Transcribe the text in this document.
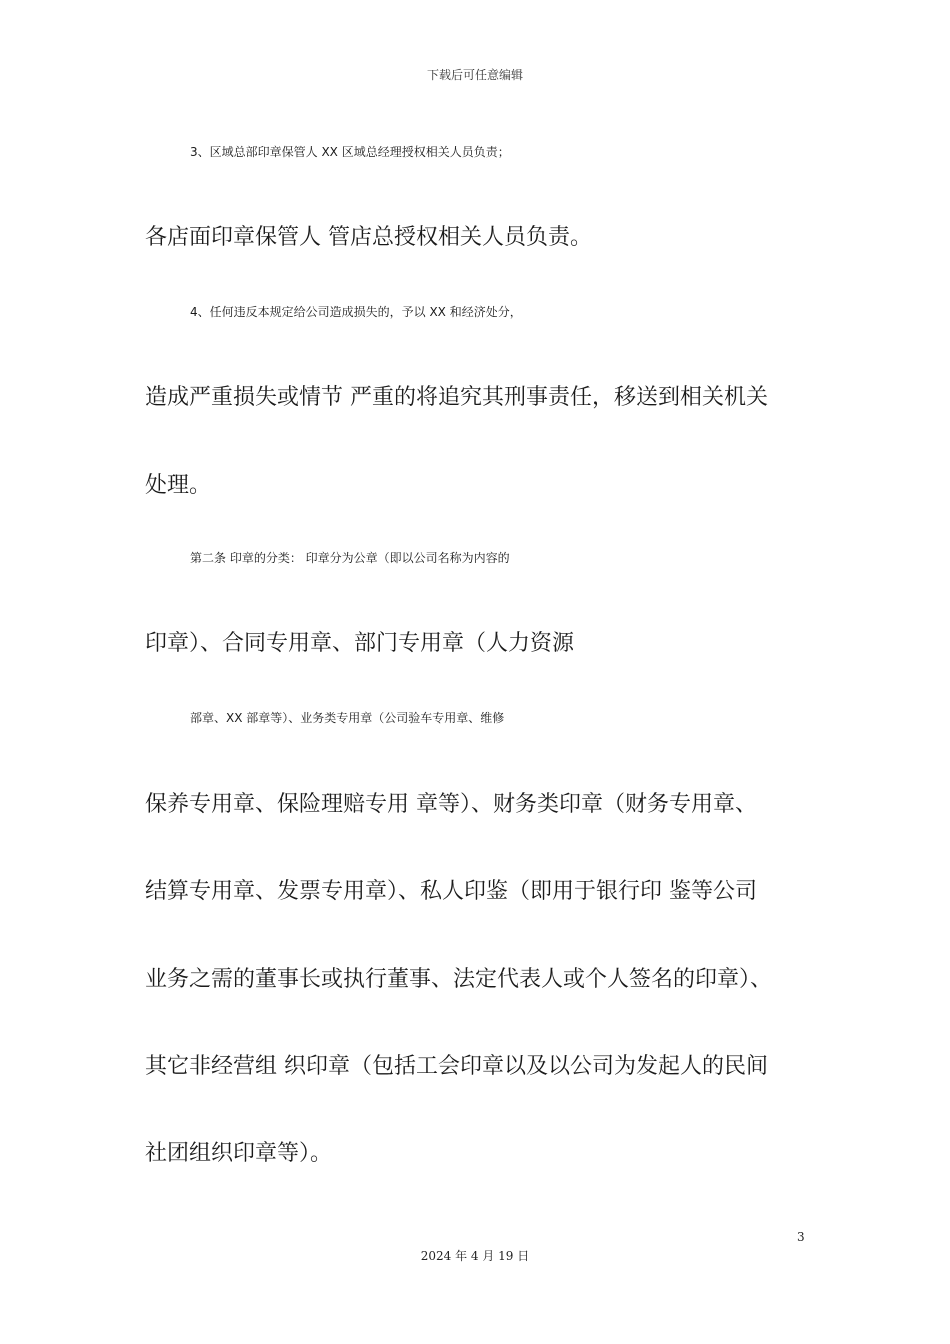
下载后可任意编辑
3、区域总部印章保管人 XX 区域总经理授权相关人员负责；
各店面印章保管人 管店总授权相关人员负责。
4、任何违反本规定给公司造成损失的，予以 XX 和经济处分，
造成严重损失或情节 严重的将追究其刑事责任，移送到相关机关
处理。
第二条 印章的分类： 印章分为公章（即以公司名称为内容的
印章）、合同专用章、部门专用章（人力资源
部章、XX 部章等）、业务类专用章（公司验车专用章、维修
保养专用章、保险理赔专用 章等）、财务类印章（财务专用章、
结算专用章、发票专用章）、私人印鉴（即用于银行印 鉴等公司
业务之需的董事长或执行董事、法定代表人或个人签名的印章）、
其它非经营组 织印章（包括工会印章以及以公司为发起人的民间
社团组织印章等）。
3
2024 年 4 月 19 日
